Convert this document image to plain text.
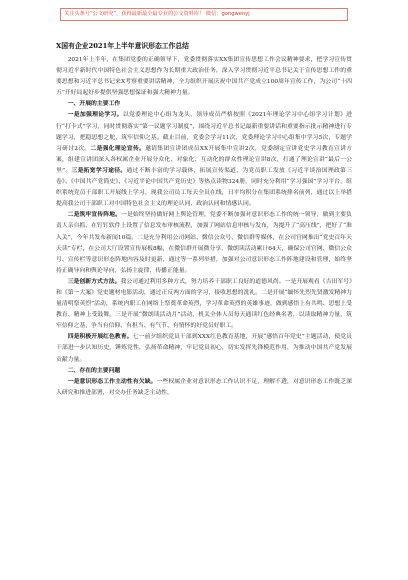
关注头条号“公文研究”，获得最新最全最专业的公文资料库！ 微信：gongwenyj
X国有企业2021年上半年意识形态工作总结

2021年上半年，在集团党委的正确领导下，党委贯彻落实XX集团宣传思想工作会议精神要求，把学习宣传贯彻习近平新时代中国特色社会主义思想作为长期重大政治任务，深入学习贯彻习近平总书记关于宣传思想工作的重要思想和习近平总书记来X考察重要讲话精神，全力组织开展庆祝中国共产党成立100周年宣传工作，为公司“十四五”开好局起好步提供坚强思想保证和强大精神力量。

一、开展的主要工作

一是加强理论学习。以党委理论中心组为龙头，领导成员严格按照《2021年理论学习中心组学习计划》进行“打卡式”学习，同时贯彻落实“第一议题学习制度”，围绕习近平总书记最新重要讲话和重要指示批示精神进行专题学习，把稳思想之舵，筑牢信仰之基。截止目前，党委会学习11次，党委理论学习中心组集中学习5次，专题学习研讨2次。二是强化理论宣传。邀请集团宣讲团成员XX开展集中宣讲2次，党委制定宣讲党史学习教育宣讲方案，组建宣讲团深入各权属企业开展分众化、对象化、互动化的群众性理论宣讲8次，打通了理论宣讲“最后一公里”。三是拓宽学习途径。通过不断丰富的学习载体，拓展宣传渠道，为党员职工发放《习近平谈治国理政第三卷》、《中国共产党简史》、《习近平论中国共产党历史》等热点读物324册，同时充分利用“学习强国”学习平台，组织系统党员干部职工开展线上学习，现我公司员工每天全员在线，日平均积分在集团系统排名前列，通过以上举措提高我公司干部职工对中国特色社会主义的理论认同、政治认同和情感认同。

二是筑牢宣传阵地。一是始终坚持做好网上舆论管理，党委不断加强对意识形态工作的统一领导，做到主要负责人亲自抓、在钉钉软件上设置了信息发布审核流程，加强了网站信息审核与发布，为提升了“高压线”，把好了“准入关”，今年共发布新闻10篇。二是充分利用公司网站、微信公众号、微信群等媒体，在公司官网推出“党史百年天天读”专栏，在公司大厅设置宣传展板8幅，在微信群开展微分享，微朗读活动累计64天，确保公司官网、微信公众号、宣传栏等意识形态阵地内容及时更新，通过等一系列举措，加强对公司意识形态工作阵地建设和管理，始终坚持正确导向和舆论导向，弘扬主旋律，传播正能量。

三是创新方式方法。我公司通过利用多种方式，努力培养干部职工良好的道德风尚。一是开展观看《吉田军号》和《第一大案》党史题材电影活动，通过正反两方面的学习，接收思想的洗礼。二是开展“缅怀先烈先贤激发精神力量清明祭英烈”活动，系统内职工在网络上祭奠革命英烈，学习革命英烈的英雄事迹，做到感悟上有共鸣、思想上受教育、精神上受鼓舞。三是开展“微朗读活动月”活动，机关全体人员每天通读红色经典名著，以读取精神力量，筑牢信仰之基，争当有信仰、有担当、有气节、有情怀的好党员好职工。

四是积极开展红色教育。七一前夕组织党员干部到XXX红色教育基地，开展“感悟百年党史”主题活动，使党员干部进一步认知历史，锤炼党性，弘扬革命精神，牢记党员初心，切实发挥先锋模范作用，为推动中国共产党发展贡献力量。

二、存在的主要问题

一是意识形态工作主动性有欠缺。一些权属企业对意识形态工作认识不足，理解不透，对意识形态工作既乏深入研究和推进部署，对交办任务缺乏主动性，
